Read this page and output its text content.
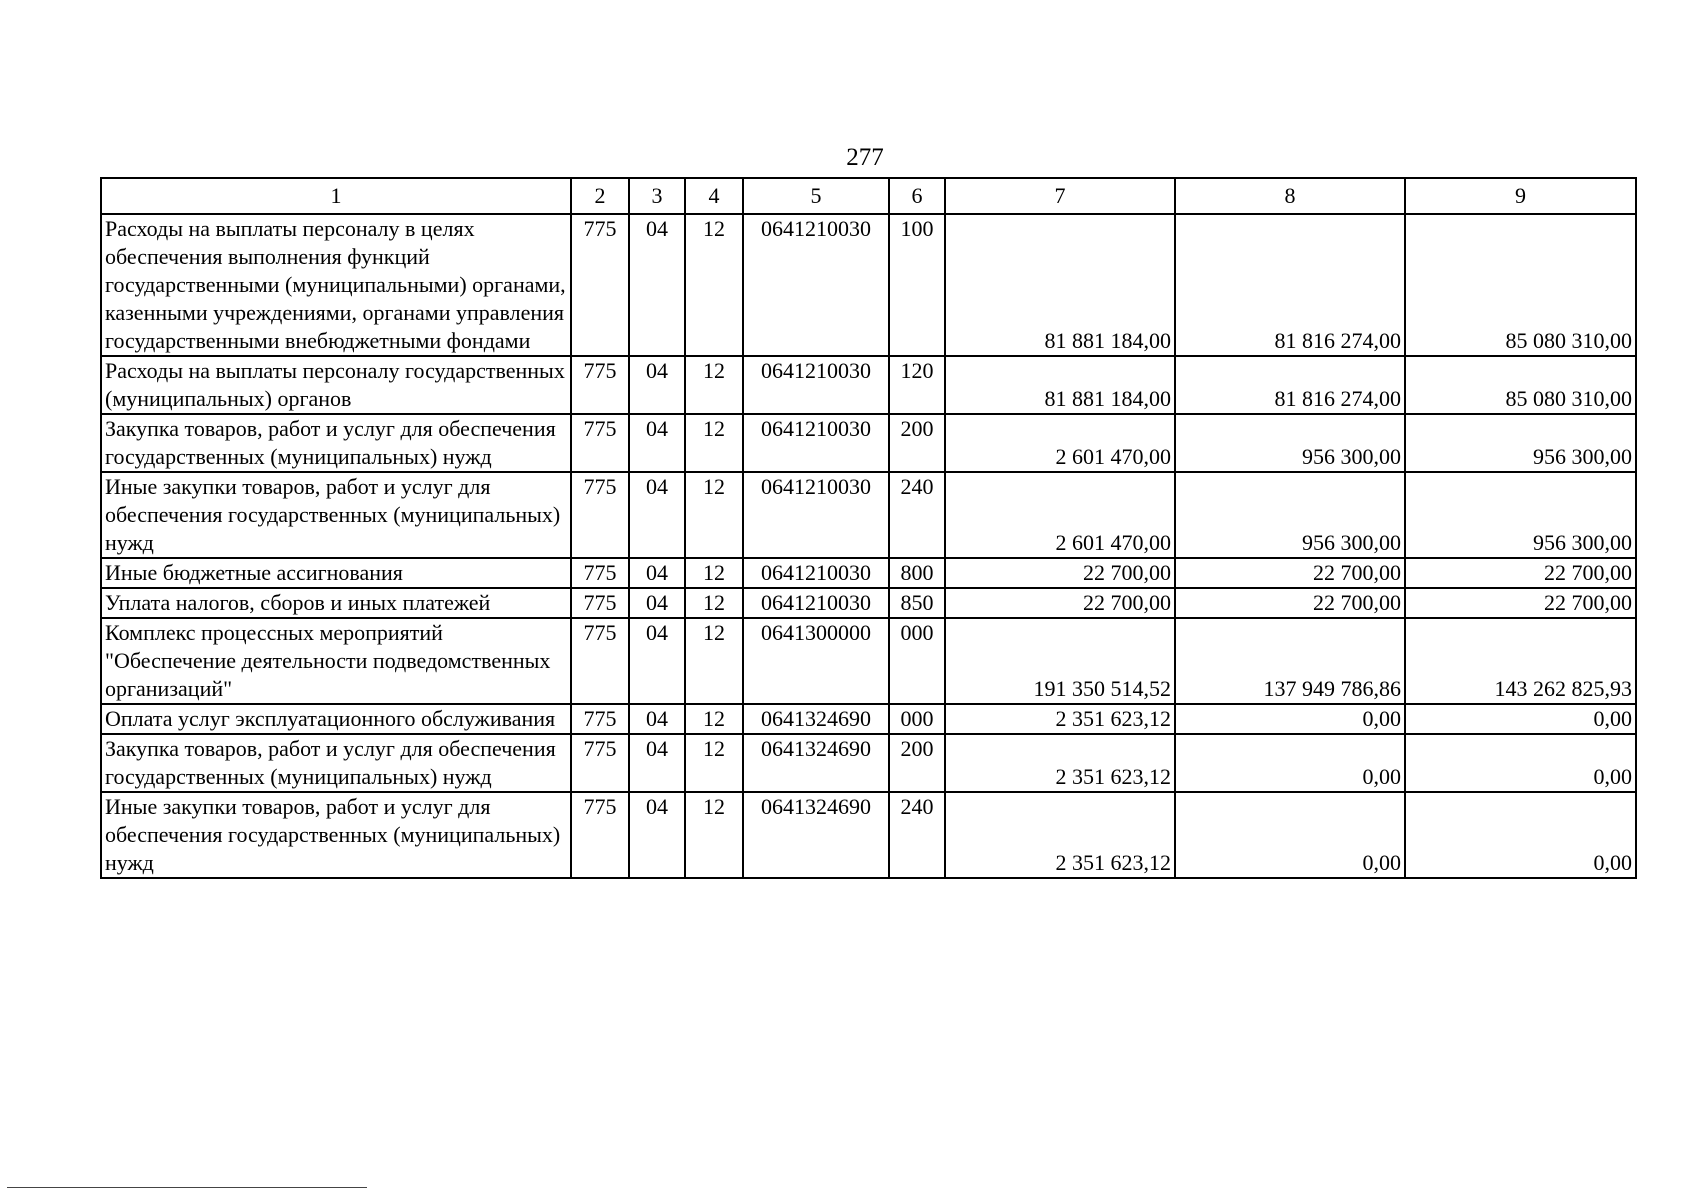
277
1	2	3	4	5	6	7	8	9
Расходы на выплаты персоналу в целях обеспечения выполнения функций государственными (муниципальными) органами, казенными учреждениями, органами управления государственными внебюджетными фондами	775	04	12	0641210030	100	81 881 184,00	81 816 274,00	85 080 310,00
Расходы на выплаты персоналу государственных (муниципальных) органов	775	04	12	0641210030	120	81 881 184,00	81 816 274,00	85 080 310,00
Закупка товаров, работ и услуг для обеспечения государственных (муниципальных) нужд	775	04	12	0641210030	200	2 601 470,00	956 300,00	956 300,00
Иные закупки товаров, работ и услуг для обеспечения государственных (муниципальных) нужд	775	04	12	0641210030	240	2 601 470,00	956 300,00	956 300,00
Иные бюджетные ассигнования	775	04	12	0641210030	800	22 700,00	22 700,00	22 700,00
Уплата налогов, сборов и иных платежей	775	04	12	0641210030	850	22 700,00	22 700,00	22 700,00
Комплекс процессных мероприятий "Обеспечение деятельности подведомственных организаций"	775	04	12	0641300000	000	191 350 514,52	137 949 786,86	143 262 825,93
Оплата услуг эксплуатационного обслуживания	775	04	12	0641324690	000	2 351 623,12	0,00	0,00
Закупка товаров, работ и услуг для обеспечения государственных (муниципальных) нужд	775	04	12	0641324690	200	2 351 623,12	0,00	0,00
Иные закупки товаров, работ и услуг для обеспечения государственных (муниципальных) нужд	775	04	12	0641324690	240	2 351 623,12	0,00	0,00
